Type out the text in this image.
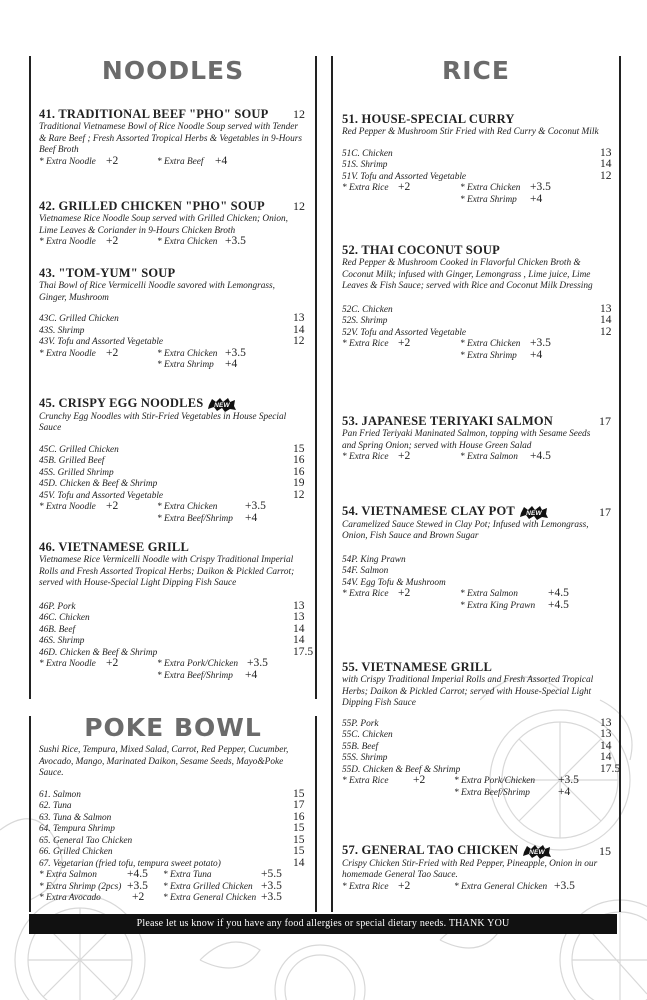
NOODLES
41. TRADITIONAL BEEF "PHO" SOUP	12
Traditional Vietnamese Bowl of Rice Noodle Soup served with Tender
& Rare Beef ; Fresh Assorted Tropical Herbs & Vegetables in 9-Hours
Beef Broth
* Extra Noodle +2	* Extra Beef +4
42. GRILLED CHICKEN "PHO" SOUP	12
Vietnamese Rice Noodle Soup served with Grilled Chicken; Onion,
Lime Leaves & Coriander in 9-Hours Chicken Broth
* Extra Noodle +2	* Extra Chicken +3.5
43. "TOM-YUM" SOUP
Thai Bowl of Rice Vermicelli Noodle savored with Lemongrass,
Ginger, Mushroom
43C. Grilled Chicken	13
43S. Shrimp	14
43V. Tofu and Assorted Vegetable	12
* Extra Noodle +2	* Extra Chicken +3.5
* Extra Shrimp +4
45. CRISPY EGG NOODLES NEW
Crunchy Egg Noodles with Stir-Fried Vegetables in House Special Sauce
45C. Grilled Chicken	15
45B. Grilled Beef	16
45S. Grilled Shrimp	16
45D. Chicken & Beef & Shrimp	19
45V. Tofu and Assorted Vegetable	12
* Extra Noodle +2	* Extra Chicken +3.5
* Extra Beef/Shrimp +4
46. VIETNAMESE GRILL
Vietnamese Rice Vermicelli Noodle with Crispy Traditional Imperial
Rolls and Fresh Assorted Tropical Herbs; Daikon & Pickled Carrot;
served with House-Special Light Dipping Fish Sauce
46P. Pork	13
46C. Chicken	13
46B. Beef	14
46S. Shrimp	14
46D. Chicken & Beef & Shrimp	17.5
* Extra Noodle +2	* Extra Pork/Chicken +3.5
* Extra Beef/Shrimp +4
POKE BOWL
Sushi Rice, Tempura, Mixed Salad, Carrot, Red Pepper, Cucumber,
Avocado, Mango, Marinated Daikon, Sesame Seeds, Mayo&Poke Sauce.
61. Salmon	15
62. Tuna	17
63. Tuna & Salmon	16
64. Tempura Shrimp	15
65. General Tao Chicken	15
66. Grilled Chicken	15
67. Vegetarian (fried tofu, tempura sweet potato)	14
* Extra Salmon	+4.5 * Extra Tuna	+5.5
* Extra Shrimp (2pcs) +3.5 * Extra Grilled Chicken +3.5
* Extra Avocado	+2 * Extra General Chicken +3.5
RICE
51. HOUSE-SPECIAL CURRY
Red Pepper & Mushroom Stir Fried with Red Curry & Coconut Milk
51C. Chicken	13
51S. Shrimp	14
51V. Tofu and Assorted Vegetable	12
* Extra Rice +2	* Extra Chicken +3.5
* Extra Shrimp +4
52. THAI COCONUT SOUP
Red Pepper & Mushroom Cooked in Flavorful Chicken Broth &
Coconut Milk; infused with Ginger, Lemongrass , Lime juice, Lime
Leaves & Fish Sauce; served with Rice and Coconut Milk Dressing
52C. Chicken	13
52S. Shrimp	14
52V. Tofu and Assorted Vegetable	12
* Extra Rice +2	* Extra Chicken +3.5
* Extra Shrimp +4
53. JAPANESE TERIYAKI SALMON	17
Pan Fried Teriyaki Maninated Salmon, topping with Sesame Seeds
and Spring Onion; served with House Green Salad
* Extra Rice +2	* Extra Salmon +4.5
54. VIETNAMESE CLAY POT NEW	17
Caramelized Sauce Stewed in Clay Pot; Infused with Lemongrass,
Onion, Fish Sauce and Brown Sugar
54P. King Prawn
54F. Salmon
54V. Egg Tofu & Mushroom
* Extra Rice +2	* Extra Salmon	+4.5
* Extra King Prawn +4.5
55. VIETNAMESE GRILL
with Crispy Traditional Imperial Rolls and Fresh Assorted Tropical
Herbs; Daikon & Pickled Carrot; served with House-Special Light
Dipping Fish Sauce
55P. Pork	13
55C. Chicken	13
55B. Beef	14
55S. Shrimp	14
55D. Chicken & Beef & Shrimp	17.5
* Extra Rice +2	* Extra Pork/Chicken +3.5
* Extra Beef/Shrimp +4
57. GENERAL TAO CHICKEN NEW	15
Crispy Chicken Stir-Fried with Red Pepper, Pineapple, Onion in our
homemade General Tao Sauce.
* Extra Rice +2	* Extra General Chicken +3.5
Please let us know if you have any food allergies or special dietary needs. THANK YOU
